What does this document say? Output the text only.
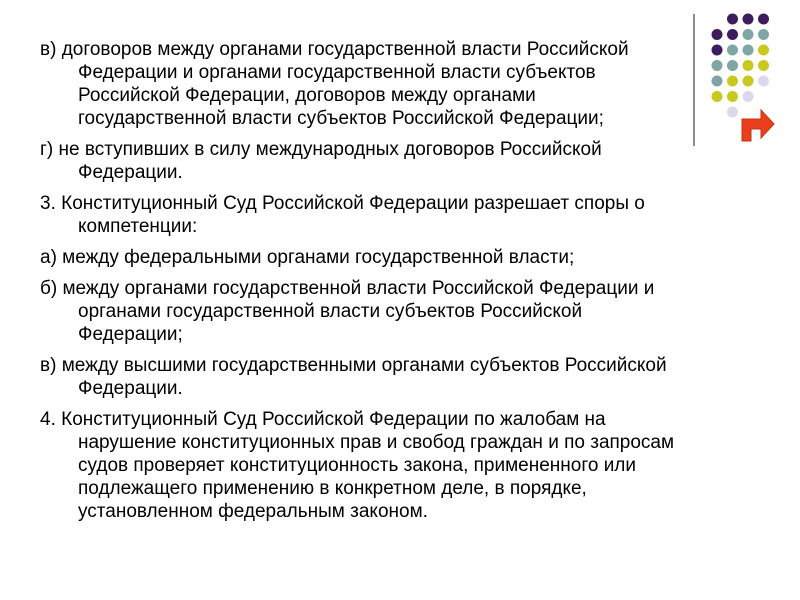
в) договоров между органами государственной власти Российской Федерации и органами государственной власти субъектов Российской Федерации, договоров между органами государственной власти субъектов Российской Федерации;

г) не вступивших в силу международных договоров Российской Федерации.

3. Конституционный Суд Российской Федерации разрешает споры о компетенции:

а) между федеральными органами государственной власти;

б) между органами государственной власти Российской Федерации и органами государственной власти субъектов Российской Федерации;

в) между высшими государственными органами субъектов Российской Федерации.

4. Конституционный Суд Российской Федерации по жалобам на нарушение конституционных прав и свобод граждан и по запросам судов проверяет конституционность закона, примененного или подлежащего применению в конкретном деле, в порядке, установленном федеральным законом.
